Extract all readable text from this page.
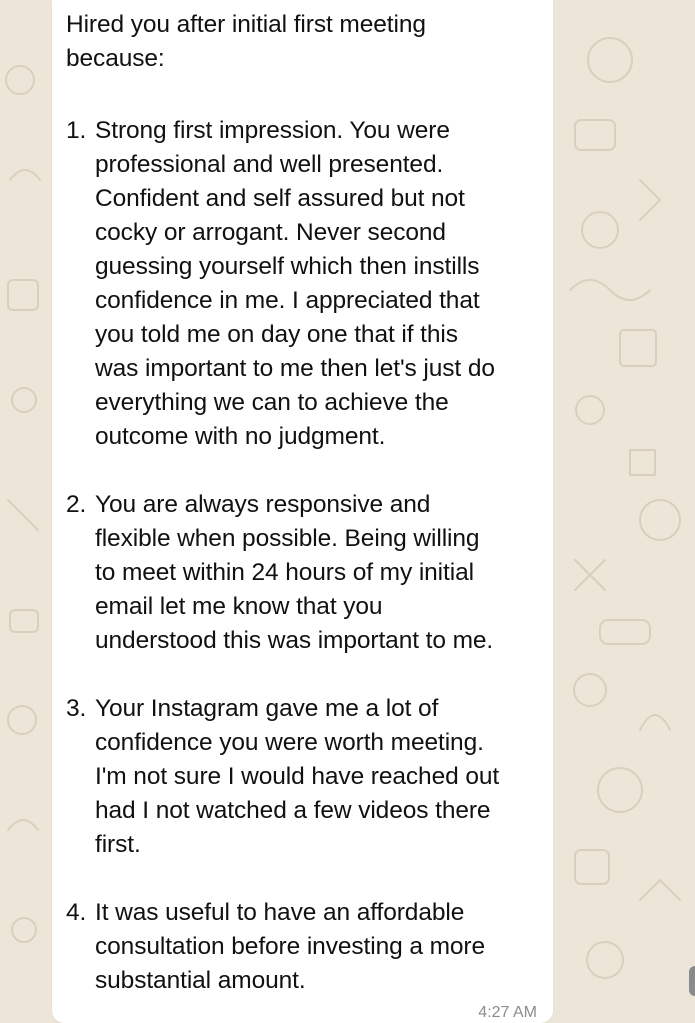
Hired you after initial first meeting
because:
1. Strong first impression. You were
professional and well presented.
Confident and self assured but not
cocky or arrogant. Never second
guessing yourself which then instills
confidence in me. I appreciated that
you told me on day one that if this
was important to me then let's just do
everything we can to achieve the
outcome with no judgment.
2. You are always responsive and
flexible when possible. Being willing
to meet within 24 hours of my initial
email let me know that you
understood this was important to me.
3. Your Instagram gave me a lot of
confidence you were worth meeting.
I'm not sure I would have reached out
had I not watched a few videos there
first.
4. It was useful to have an affordable
consultation before investing a more
substantial amount.
4:27 AM
